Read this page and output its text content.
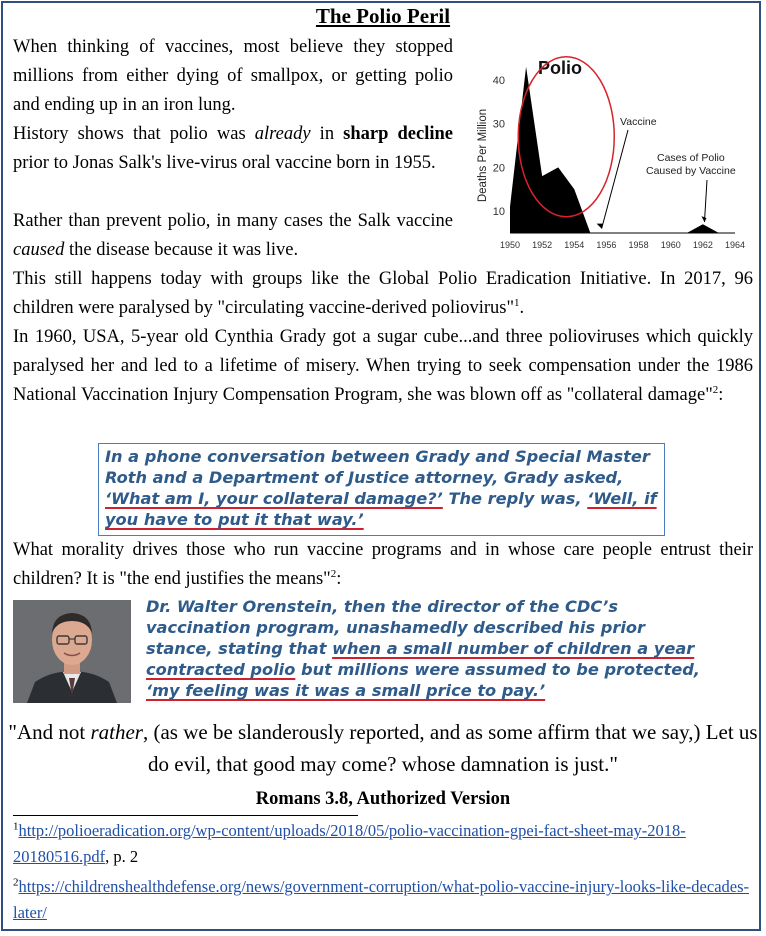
The Polio Peril

When thinking of vaccines, most believe they stopped millions from either dying of smallpox, or getting polio and ending up in an iron lung.

History shows that polio was already in sharp decline prior to Jonas Salk's live-virus oral vaccine born in 1955.

Rather than prevent polio, in many cases the Salk vaccine caused the disease because it was live.	1950 1952 1954 1956 1958 1960 1962 1964
10
20
30
40
Deaths Per Million
Polio
Vaccine
Cases of Polio
Caused by Vaccine

This still happens today with groups like the Global Polio Eradication Initiative. In 2017, 96 children were paralysed by "circulating vaccine-derived poliovirus"$^1$.

In 1960, USA, 5-year old Cynthia Grady got a sugar cube...and three polioviruses which quickly paralysed her and led to a lifetime of misery. When trying to seek compensation under the 1986 National Vaccination Injury Compensation Program, she was blown off as "collateral damage"$^2$:

In a phone conversation between Grady and Special Master Roth and a Department of Justice attorney, Grady asked, ‘What am I, your collateral damage?’ The reply was, ‘Well, if you have to put it that way.’

What morality drives those who run vaccine programs and in whose care people entrust their children? It is "the end justifies the means"$^2$:

Dr. Walter Orenstein, then the director of the CDC’s vaccination program, unashamedly described his prior stance, stating that when a small number of children a year contracted polio but millions were assumed to be protected, ‘my feeling was it was a small price to pay.’

"And not rather, (as we be slanderously reported, and as some affirm that we say,) Let us do evil, that good may come? whose damnation is just."
Romans 3.8, Authorized Version
$^1$http://polioeradication.org/wp-content/uploads/2018/05/polio-vaccination-gpei-fact-sheet-may-2018-20180516.pdf, p. 2
$^2$https://childrenshealthdefense.org/news/government-corruption/what-polio-vaccine-injury-looks-like-decades-later/
